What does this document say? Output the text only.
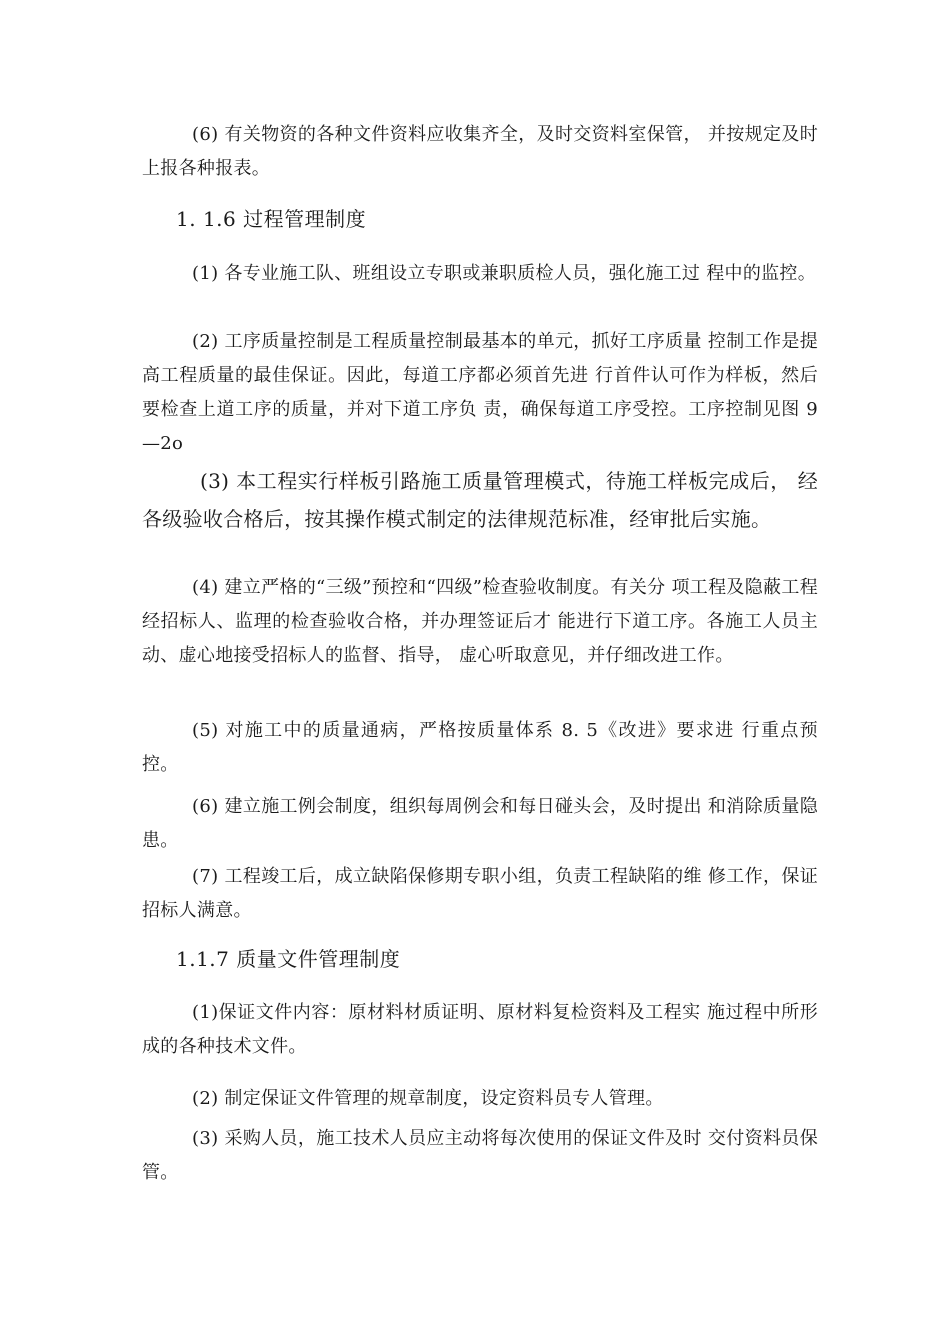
(6) 有关物资的各种文件资料应收集齐全，及时交资料室保管， 并按规定及时上报各种报表。

1. 1.6 过程管理制度

(1) 各专业施工队、班组设立专职或兼职质检人员，强化施工过 程中的监控。

(2) 工序质量控制是工程质量控制最基本的单元，抓好工序质量 控制工作是提高工程质量的最佳保证。因此，每道工序都必须首先进 行首件认可作为样板，然后要检查上道工序的质量，并对下道工序负 责，确保每道工序受控。工序控制见图 9—2o

(3) 本工程实行样板引路施工质量管理模式，待施工样板完成后， 经各级验收合格后，按其操作模式制定的法律规范标准，经审批后实施。

(4) 建立严格的“三级”预控和“四级”检查验收制度。有关分 项工程及隐蔽工程经招标人、监理的检查验收合格，并办理签证后才 能进行下道工序。各施工人员主动、虚心地接受招标人的监督、指导， 虚心听取意见，并仔细改进工作。

(5) 对施工中的质量通病，严格按质量体系 8. 5《改进》要求进 行重点预控。

(6) 建立施工例会制度，组织每周例会和每日碰头会，及时提出 和消除质量隐患。

(7) 工程竣工后，成立缺陷保修期专职小组，负责工程缺陷的维 修工作，保证招标人满意。

1.1.7 质量文件管理制度

(1)保证文件内容：原材料材质证明、原材料复检资料及工程实 施过程中所形成的各种技术文件。

(2) 制定保证文件管理的规章制度，设定资料员专人管理。

(3) 采购人员，施工技术人员应主动将每次使用的保证文件及时 交付资料员保管。
